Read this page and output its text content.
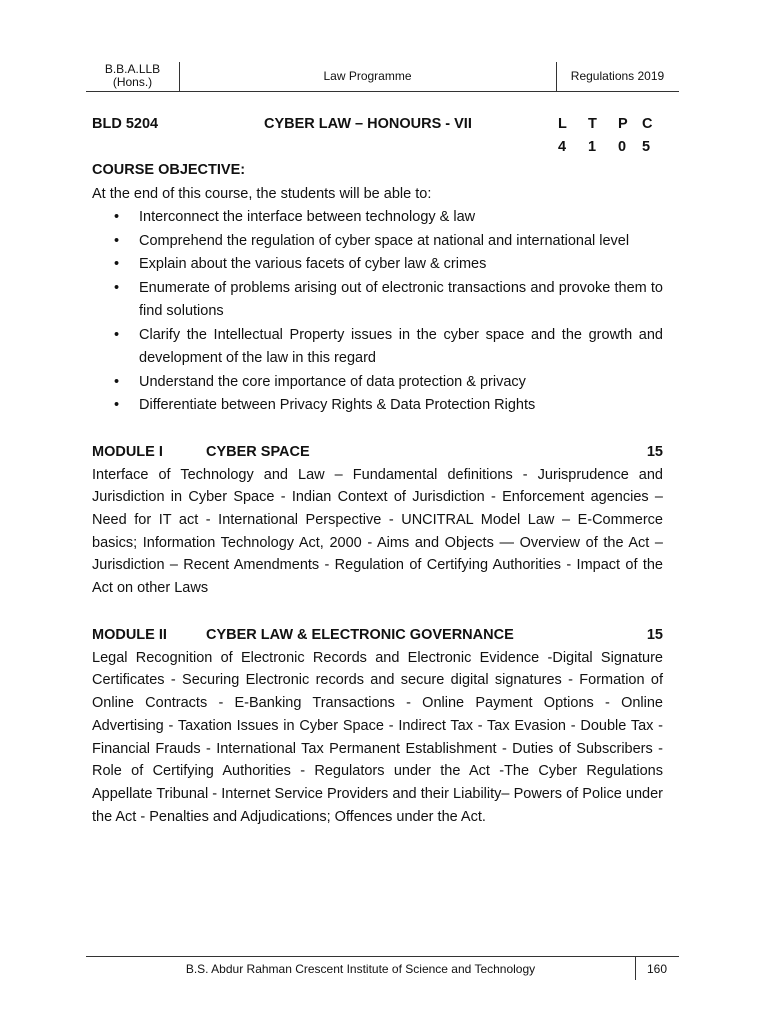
B.B.A.LLB
(Hons.)	Law Programme	Regulations 2019
BLD 5204	CYBER LAW – HONOURS - VII	L T P C
4 1 0 5
COURSE OBJECTIVE:
At the end of this course, the students will be able to:
• Interconnect the interface between technology & law
• Comprehend the regulation of cyber space at national and international level
• Explain about the various facets of cyber law & crimes
• Enumerate of problems arising out of electronic transactions and provoke them to find solutions
• Clarify the Intellectual Property issues in the cyber space and the growth and development of the law in this regard
• Understand the core importance of data protection & privacy
• Differentiate between Privacy Rights & Data Protection Rights
MODULE I	CYBER SPACE	15
Interface of Technology and Law – Fundamental definitions - Jurisprudence and Jurisdiction in Cyber Space - Indian Context of Jurisdiction - Enforcement agencies – Need for IT act - International Perspective - UNCITRAL Model Law – E-Commerce basics; Information Technology Act, 2000 - Aims and Objects — Overview of the Act – Jurisdiction – Recent Amendments - Regulation of Certifying Authorities - Impact of the Act on other Laws
MODULE II	CYBER LAW & ELECTRONIC GOVERNANCE	15
Legal Recognition of Electronic Records and Electronic Evidence -Digital Signature Certificates - Securing Electronic records and secure digital signatures - Formation of Online Contracts - E-Banking Transactions - Online Payment Options - Online Advertising - Taxation Issues in Cyber Space - Indirect Tax - Tax Evasion - Double Tax - Financial Frauds - International Tax Permanent Establishment - Duties of Subscribers - Role of Certifying Authorities - Regulators under the Act -The Cyber Regulations Appellate Tribunal - Internet Service Providers and their Liability– Powers of Police under the Act - Penalties and Adjudications; Offences under the Act.
B.S. Abdur Rahman Crescent Institute of Science and Technology	160
